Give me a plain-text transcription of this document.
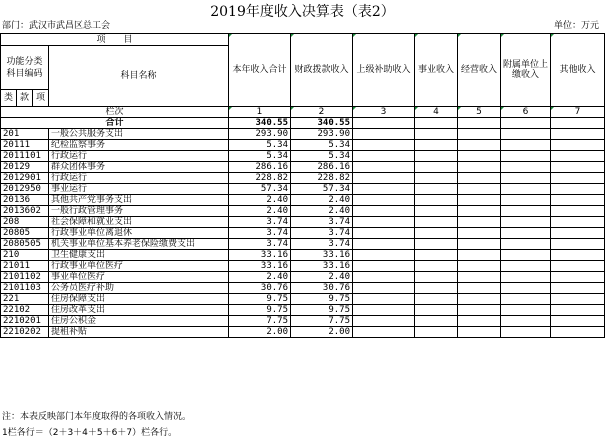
2019年度收入决算表（表2）
部门：武汉市武昌区总工会	单位：万元
项　　目				本年收入合计	财政拨款收入	上级补助收入	事业收入	经营收入	附属单位上缴收入	其他收入
功能分类科目编码			科目名称							
类	款	项								
栏次				1	2	3	4	5	6	7
合计				340.55	340.55					
201			一般公共服务支出	293.90	293.90					
20111			纪检监察事务	5.34	5.34					
2011101			行政运行	5.34	5.34					
20129			群众团体事务	286.16	286.16					
2012901			行政运行	228.82	228.82					
2012950			事业运行	57.34	57.34					
20136			其他共产党事务支出	2.40	2.40					
2013602			一般行政管理事务	2.40	2.40					
208			社会保障和就业支出	3.74	3.74					
20805			行政事业单位离退休	3.74	3.74					
2080505			机关事业单位基本养老保险缴费支出	3.74	3.74					
210			卫生健康支出	33.16	33.16					
21011			行政事业单位医疗	33.16	33.16					
2101102			事业单位医疗	2.40	2.40					
2101103			公务员医疗补助	30.76	30.76					
221			住房保障支出	9.75	9.75					
22102			住房改革支出	9.75	9.75					
2210201			住房公积金	7.75	7.75					
2210202			提租补贴	2.00	2.00					
注：本表反映部门本年度取得的各项收入情况。
1栏各行＝（2＋3＋4＋5＋6＋7）栏各行。
